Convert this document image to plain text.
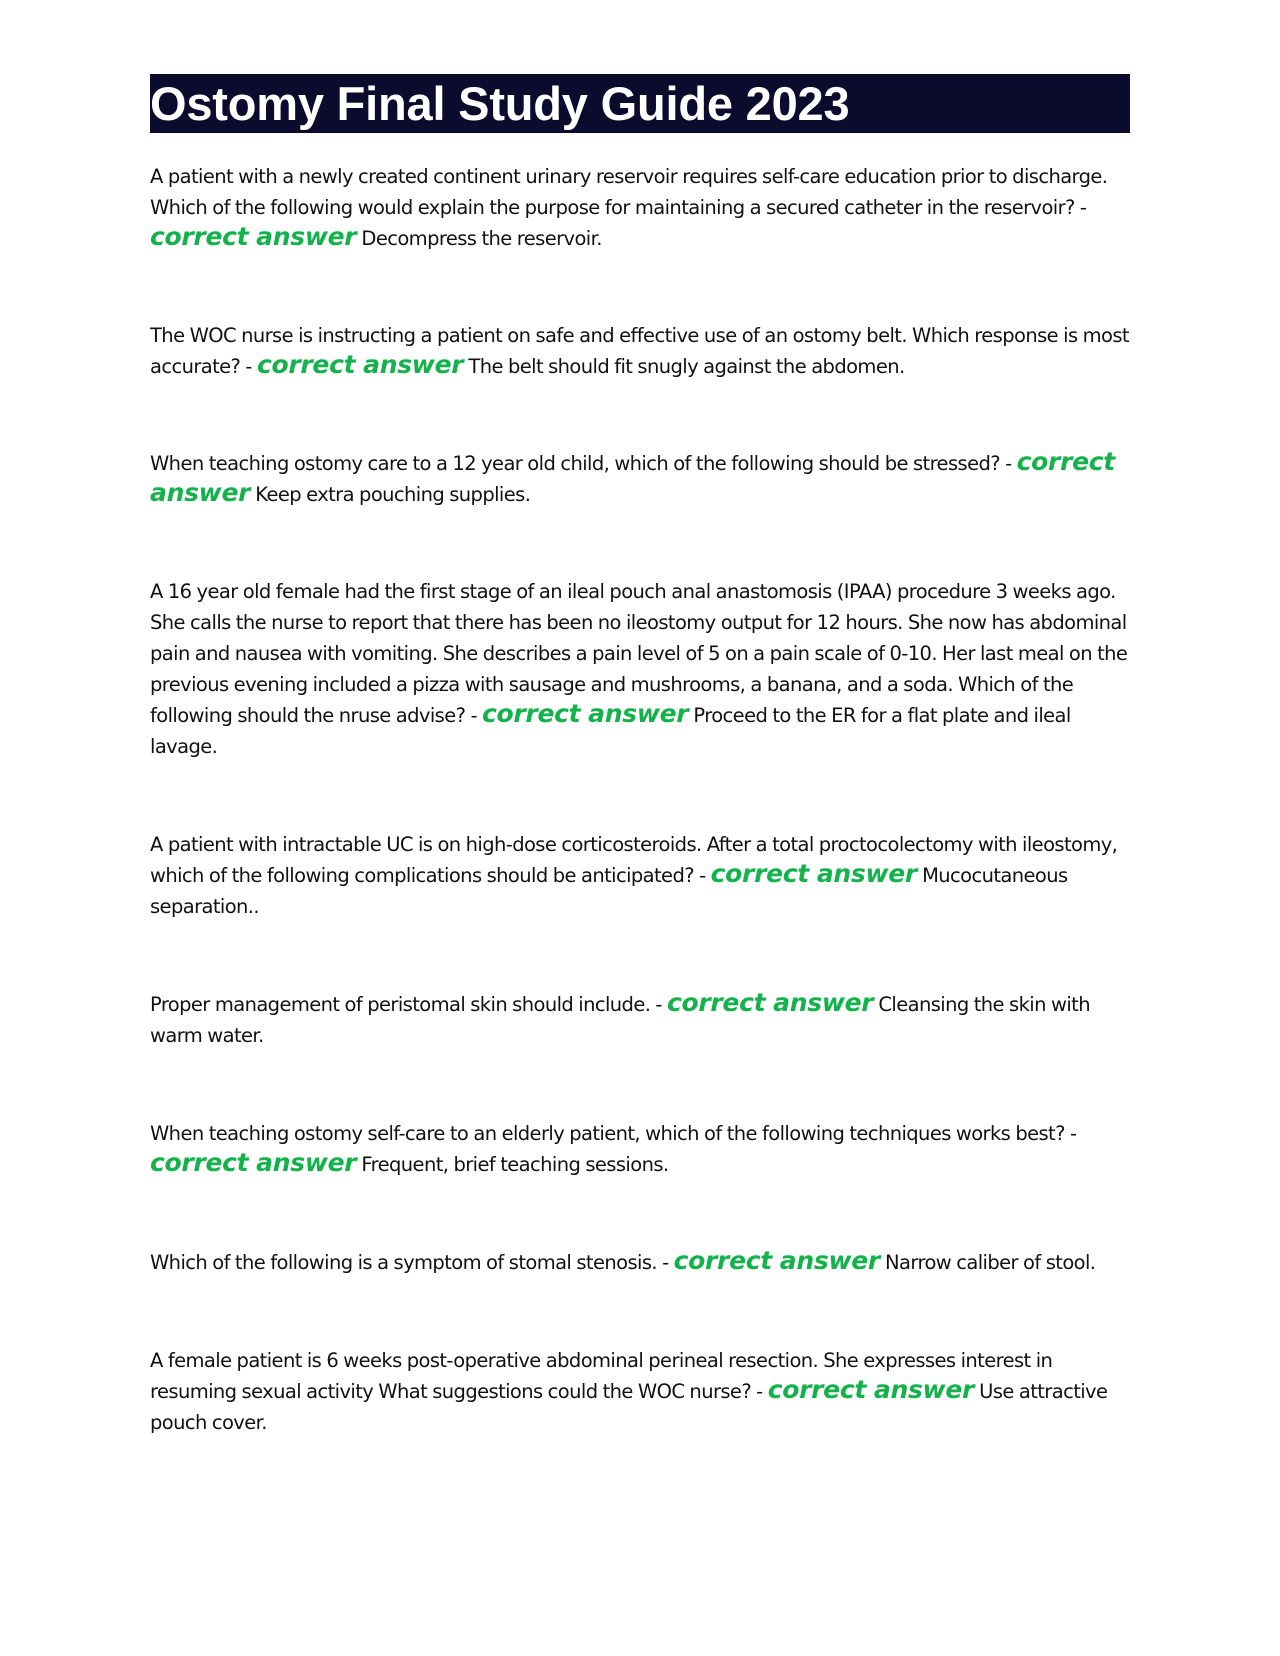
Ostomy Final Study Guide 2023

A patient with a newly created continent urinary reservoir requires self-care education prior to discharge. Which of the following would explain the purpose for maintaining a secured catheter in the reservoir? - correct answer Decompress the reservoir.

The WOC nurse is instructing a patient on safe and effective use of an ostomy belt. Which response is most accurate? - correct answer The belt should fit snugly against the abdomen.

When teaching ostomy care to a 12 year old child, which of the following should be stressed? - correct answer Keep extra pouching supplies.

A 16 year old female had the first stage of an ileal pouch anal anastomosis (IPAA) procedure 3 weeks ago. She calls the nurse to report that there has been no ileostomy output for 12 hours. She now has abdominal pain and nausea with vomiting. She describes a pain level of 5 on a pain scale of 0-10. Her last meal on the previous evening included a pizza with sausage and mushrooms, a banana, and a soda. Which of the following should the nruse advise? - correct answer Proceed to the ER for a flat plate and ileal lavage.

A patient with intractable UC is on high-dose corticosteroids. After a total proctocolectomy with ileostomy, which of the following complications should be anticipated? - correct answer Mucocutaneous separation..

Proper management of peristomal skin should include. - correct answer Cleansing the skin with warm water.

When teaching ostomy self-care to an elderly patient, which of the following techniques works best? - correct answer Frequent, brief teaching sessions.

Which of the following is a symptom of stomal stenosis. - correct answer Narrow caliber of stool.

A female patient is 6 weeks post-operative abdominal perineal resection. She expresses interest in resuming sexual activity What suggestions could the WOC nurse? - correct answer Use attractive pouch cover.
